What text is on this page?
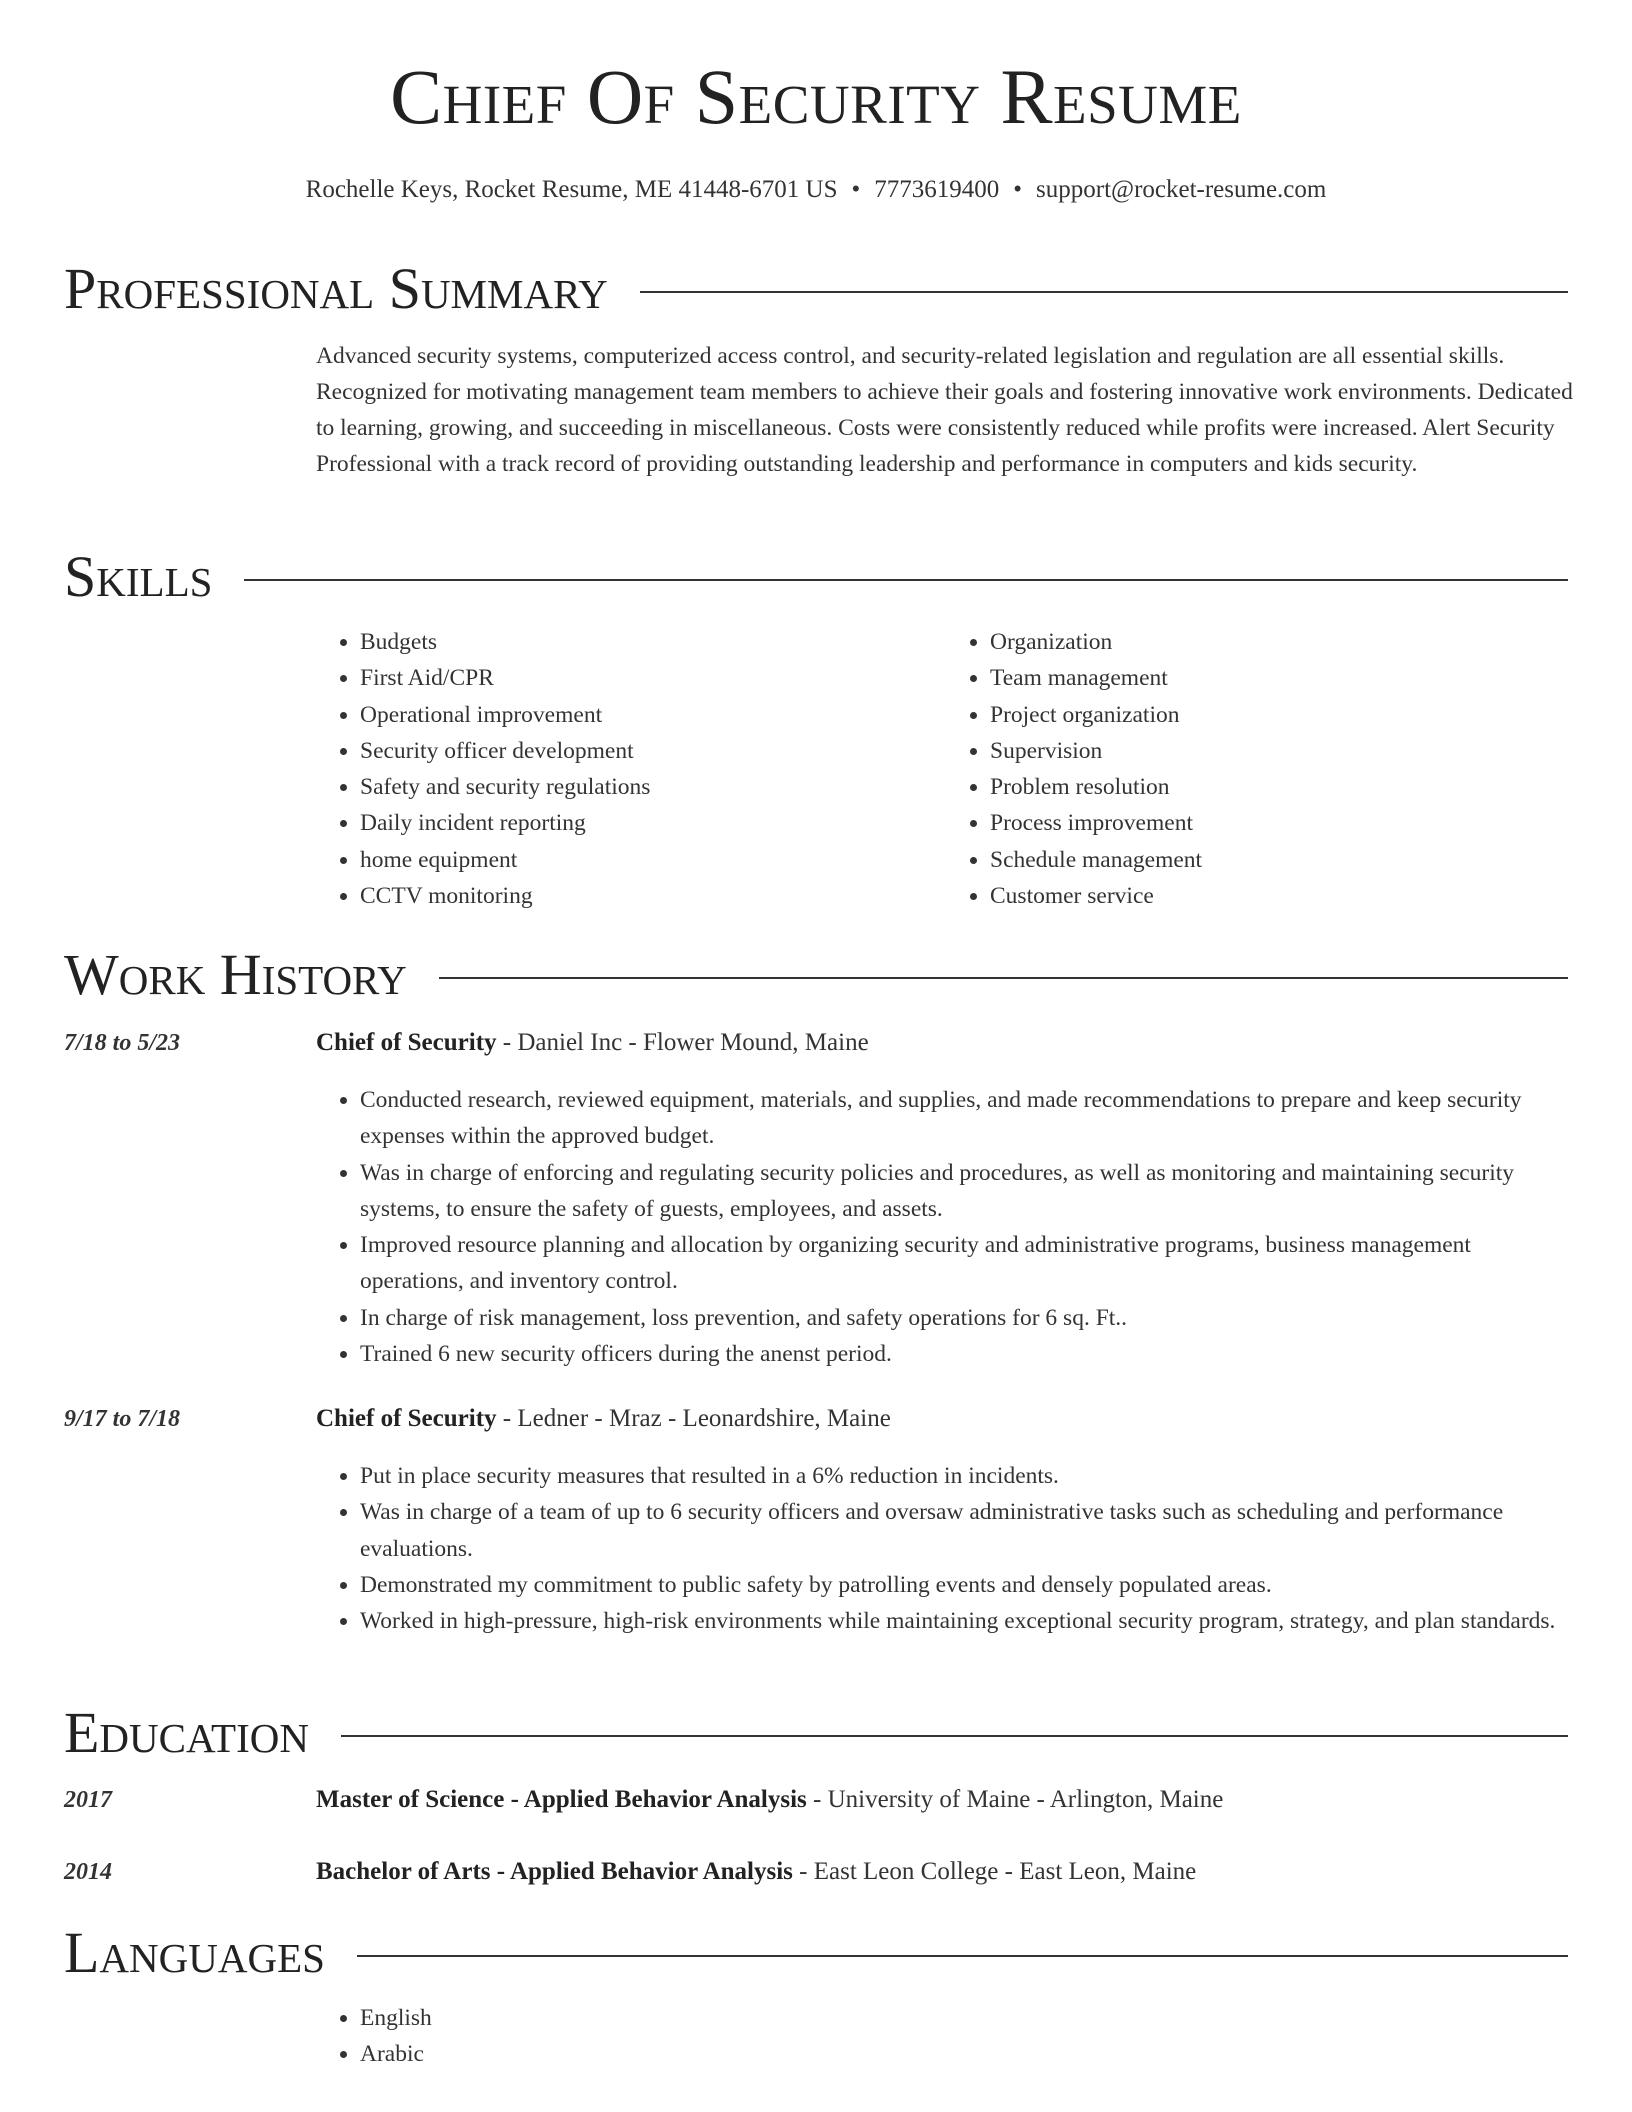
Chief Of Security Resume
Rochelle Keys, Rocket Resume, ME 41448-6701 US • 7773619400 • support@rocket-resume.com
Professional Summary
Advanced security systems, computerized access control, and security-related legislation and regulation are all essential skills. Recognized for motivating management team members to achieve their goals and fostering innovative work environments. Dedicated to learning, growing, and succeeding in miscellaneous. Costs were consistently reduced while profits were increased. Alert Security Professional with a track record of providing outstanding leadership and performance in computers and kids security.
Skills
• Budgets
• First Aid/CPR
• Operational improvement
• Security officer development
• Safety and security regulations
• Daily incident reporting
• home equipment
• CCTV monitoring
• Organization
• Team management
• Project organization
• Supervision
• Problem resolution
• Process improvement
• Schedule management
• Customer service
Work History
7/18 to 5/23	Chief of Security - Daniel Inc - Flower Mound, Maine
• Conducted research, reviewed equipment, materials, and supplies, and made recommendations to prepare and keep security expenses within the approved budget.
• Was in charge of enforcing and regulating security policies and procedures, as well as monitoring and maintaining security systems, to ensure the safety of guests, employees, and assets.
• Improved resource planning and allocation by organizing security and administrative programs, business management operations, and inventory control.
• In charge of risk management, loss prevention, and safety operations for 6 sq. Ft..
• Trained 6 new security officers during the anenst period.
9/17 to 7/18	Chief of Security - Ledner - Mraz - Leonardshire, Maine
• Put in place security measures that resulted in a 6% reduction in incidents.
• Was in charge of a team of up to 6 security officers and oversaw administrative tasks such as scheduling and performance evaluations.
• Demonstrated my commitment to public safety by patrolling events and densely populated areas.
• Worked in high-pressure, high-risk environments while maintaining exceptional security program, strategy, and plan standards.
Education
2017	Master of Science - Applied Behavior Analysis - University of Maine - Arlington, Maine
2014	Bachelor of Arts - Applied Behavior Analysis - East Leon College - East Leon, Maine
Languages
• English
• Arabic
